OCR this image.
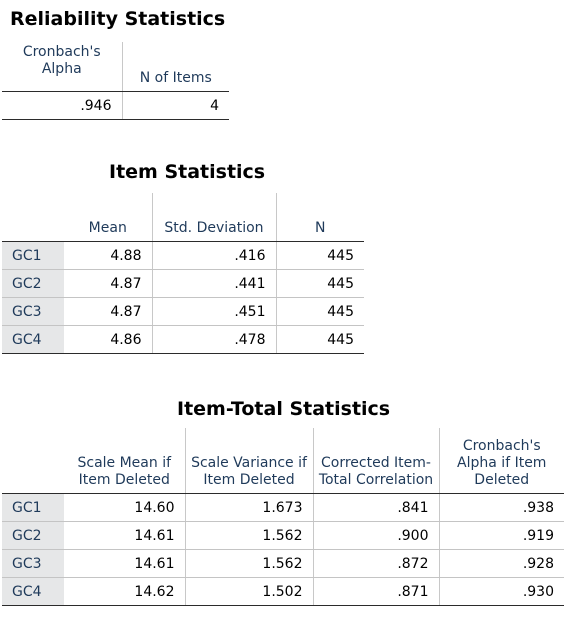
Reliability Statistics
Cronbach's Alpha	N of Items
.946	4
Item Statistics
	Mean	Std. Deviation	N
GC1	4.88	.416	445
GC2	4.87	.441	445
GC3	4.87	.451	445
GC4	4.86	.478	445
Item-Total Statistics
	Scale Mean if Item Deleted	Scale Variance if Item Deleted	Corrected Item-Total Correlation	Cronbach's Alpha if Item Deleted
GC1	14.60	1.673	.841	.938
GC2	14.61	1.562	.900	.919
GC3	14.61	1.562	.872	.928
GC4	14.62	1.502	.871	.930
